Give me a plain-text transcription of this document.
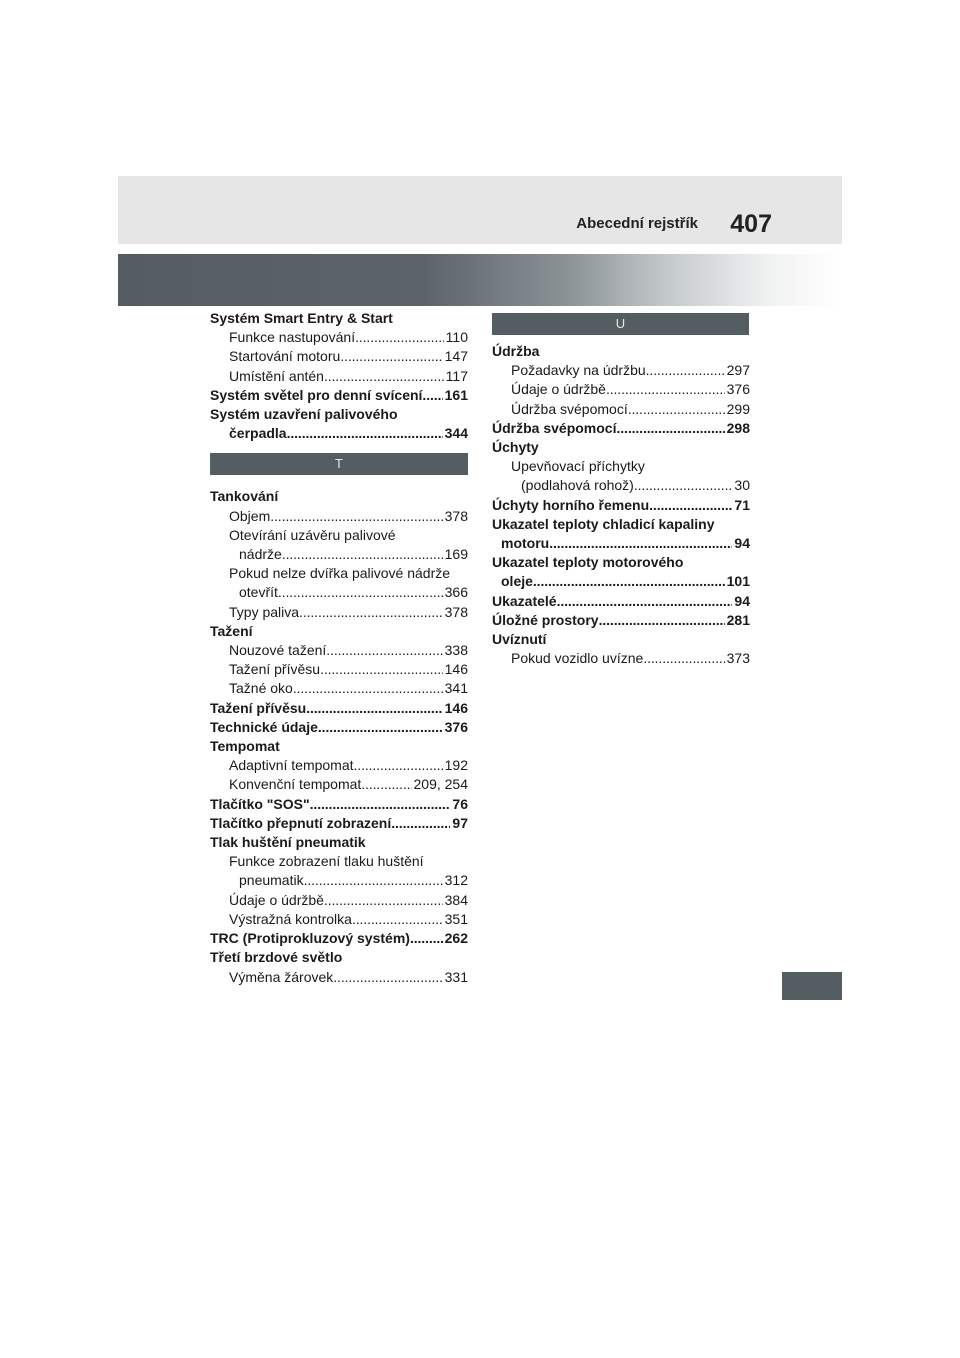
Abecední rejstřík 407
Systém Smart Entry & Start
Funkce nastupování . . .	110
Startování motoru . . .	147
Umístění antén . . .	117
Systém světel pro denní svícení . . . 161
Systém uzavření palivového
čerpadla . . .	344
T
Tankování
Objem . . .	378
Otevírání uzávěru palivové
nádrže . . .	169
Pokud nelze dvířka palivové nádrže
otevřít . . .	366
Typy paliva . . .	378
Tažení
Nouzové tažení . . .	338
Tažení přívěsu . . .	146
Tažné oko . . .	341
Tažení přívěsu . . .	146
Technické údaje . . .	376
Tempomat
Adaptivní tempomat . . .	192
Konvenční tempomat . . .	209, 254
Tlačítko "SOS" . . .	76
Tlačítko přepnutí zobrazení . . .	97
Tlak huštění pneumatik
Funkce zobrazení tlaku huštění
pneumatik . . .	312
Údaje o údržbě . . .	384
Výstražná kontrolka . . .	351
TRC (Protiprokluzový systém) . . . 262
Třetí brzdové světlo
Výměna žárovek . . .	331
U
Údržba
Požadavky na údržbu . . .	297
Údaje o údržbě . . .	376
Údržba svépomocí . . .	299
Údržba svépomocí . . .	298
Úchyty
Upevňovací příchytky
(podlahová rohož) . . .	30
Úchyty horního řemenu . . .	71
Ukazatel teploty chladicí kapaliny
motoru . . .	94
Ukazatel teploty motorového
oleje . . .	101
Ukazatelé . . .	94
Úložné prostory . . .	281
Uvíznutí
Pokud vozidlo uvízne . . .	373
